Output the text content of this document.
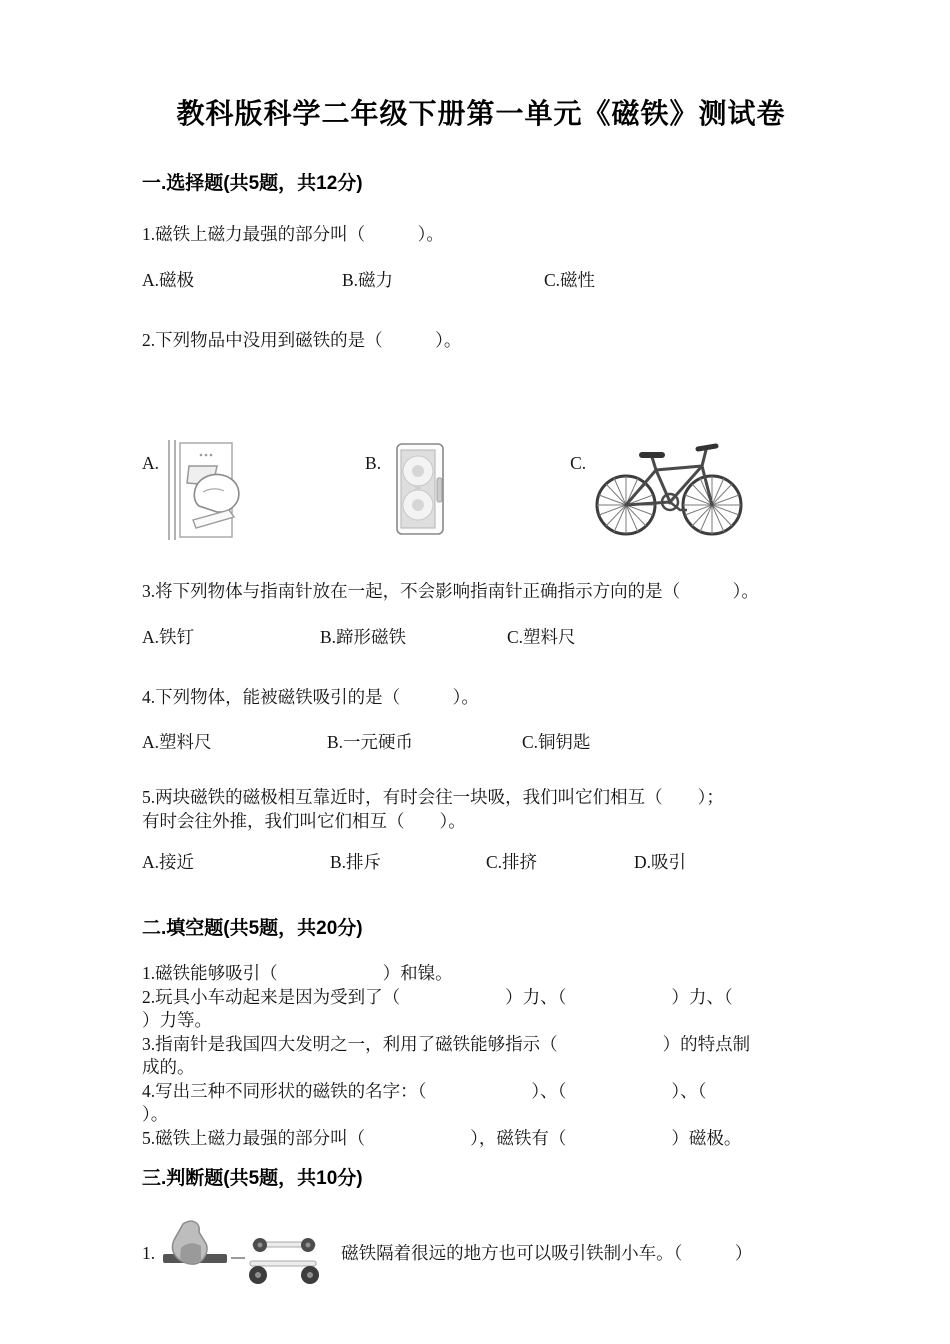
教科版科学二年级下册第一单元《磁铁》测试卷
一.选择题(共5题，共12分)
1.磁铁上磁力最强的部分叫（　　　）。
A.磁极	B.磁力	C.磁性
2.下列物品中没用到磁铁的是（　　　）。
A.	B.	C.
3.将下列物体与指南针放在一起，不会影响指南针正确指示方向的是（　　　）。
A.铁钉	B.蹄形磁铁	C.塑料尺
4.下列物体，能被磁铁吸引的是（　　　）。
A.塑料尺	B.一元硬币	C.铜钥匙
5.两块磁铁的磁极相互靠近时，有时会往一块吸，我们叫它们相互（　　）；
有时会往外推，我们叫它们相互（　　）。
A.接近	B.排斥	C.排挤	D.吸引
二.填空题(共5题，共20分)
1.磁铁能够吸引（　　　　　　）和镍。
2.玩具小车动起来是因为受到了（　　　　　　）力、（　　　　　　）力、（
）力等。
3.指南针是我国四大发明之一，利用了磁铁能够指示（　　　　　　）的特点制
成的。
4.写出三种不同形状的磁铁的名字：（　　　　　　）、（　　　　　　）、（
）。
5.磁铁上磁力最强的部分叫（　　　　　　），磁铁有（　　　　　　）磁极。
三.判断题(共5题，共10分)
1.	磁铁隔着很远的地方也可以吸引铁制小车。（　　　）
